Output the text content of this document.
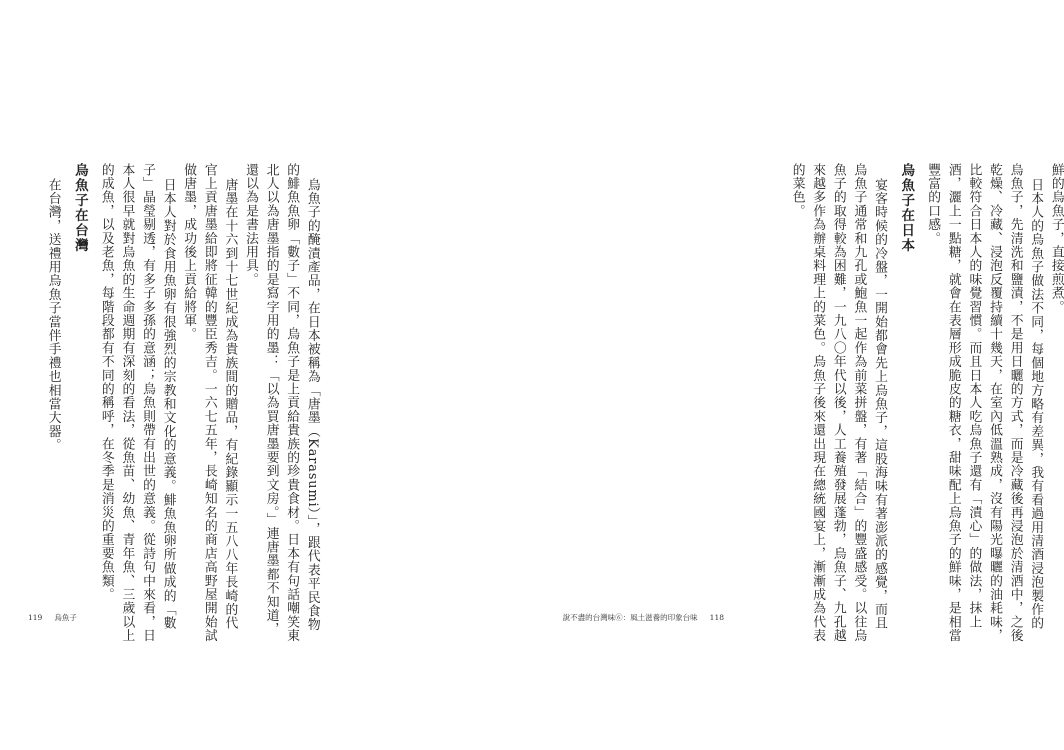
鮮的烏魚子，直接煎煮。
日本人的烏魚子做法不同，每個地方略有差異，我有看過用清酒浸泡製作的
烏魚子，先清洗和鹽漬，不是用日曬的方式，而是冷藏後再浸泡於清酒中，之後
乾燥、冷藏、浸泡反覆持續十幾天，在室內低溫熟成，沒有陽光曝曬的油耗味，
比較符合日本人的味覺習慣。而且日本人吃烏魚子還有「漬心」的做法，抹上
酒，灑上一點糖，就會在表層形成脆皮的糖衣，甜味配上烏魚子的鮮味，是相當
豐富的口感。
烏魚子在日本
宴客時候的冷盤，一開始都會先上烏魚子，這股海味有著澎派的感覺，而且
烏魚子通常和九孔或鮑魚一起作為前菜拼盤，有著「結合」的豐盛感受。以往烏
魚子的取得較為困難，一九八〇年代以後，人工養殖發展蓬勃，烏魚子、九孔越
來越多作為辦桌料理上的菜色。烏魚子後來還出現在總統國宴上，漸漸成為代表
的菜色。
說不盡的台灣味⑥：風土滋養的印象台味 118
烏魚子的醃漬產品，在日本被稱為「唐墨（Karasumi）」，跟代表平民食物
的鯡魚魚卵「數子」不同，烏魚子是上貢給貴族的珍貴食材。日本有句話嘲笑東
北人以為唐墨指的是寫字用的墨：「以為買唐墨要到文房。」連唐墨都不知道，
還以為是書法用具。
唐墨在十六到十七世紀成為貴族間的贈品，有紀錄顯示一五八八年長崎的代
官上貢唐墨給即將征韓的豐臣秀吉。一六七五年，長崎知名的商店高野屋開始試
做唐墨，成功後上貢給將軍。
日本人對於食用魚卵有很強烈的宗教和文化的意義。鯡魚魚卵所做成的「數
子」晶瑩剔透，有多子多孫的意涵；烏魚則帶有出世的意義。從詩句中來看，日
本人很早就對烏魚的生命週期有深刻的看法，從魚苗、幼魚、青年魚、三歲以上
的成魚，以及老魚，每階段都有不同的稱呼，在冬季是消災的重要魚類。
烏魚子在台灣
在台灣，送禮用烏魚子當伴手禮也相當大器。
119 烏魚子
